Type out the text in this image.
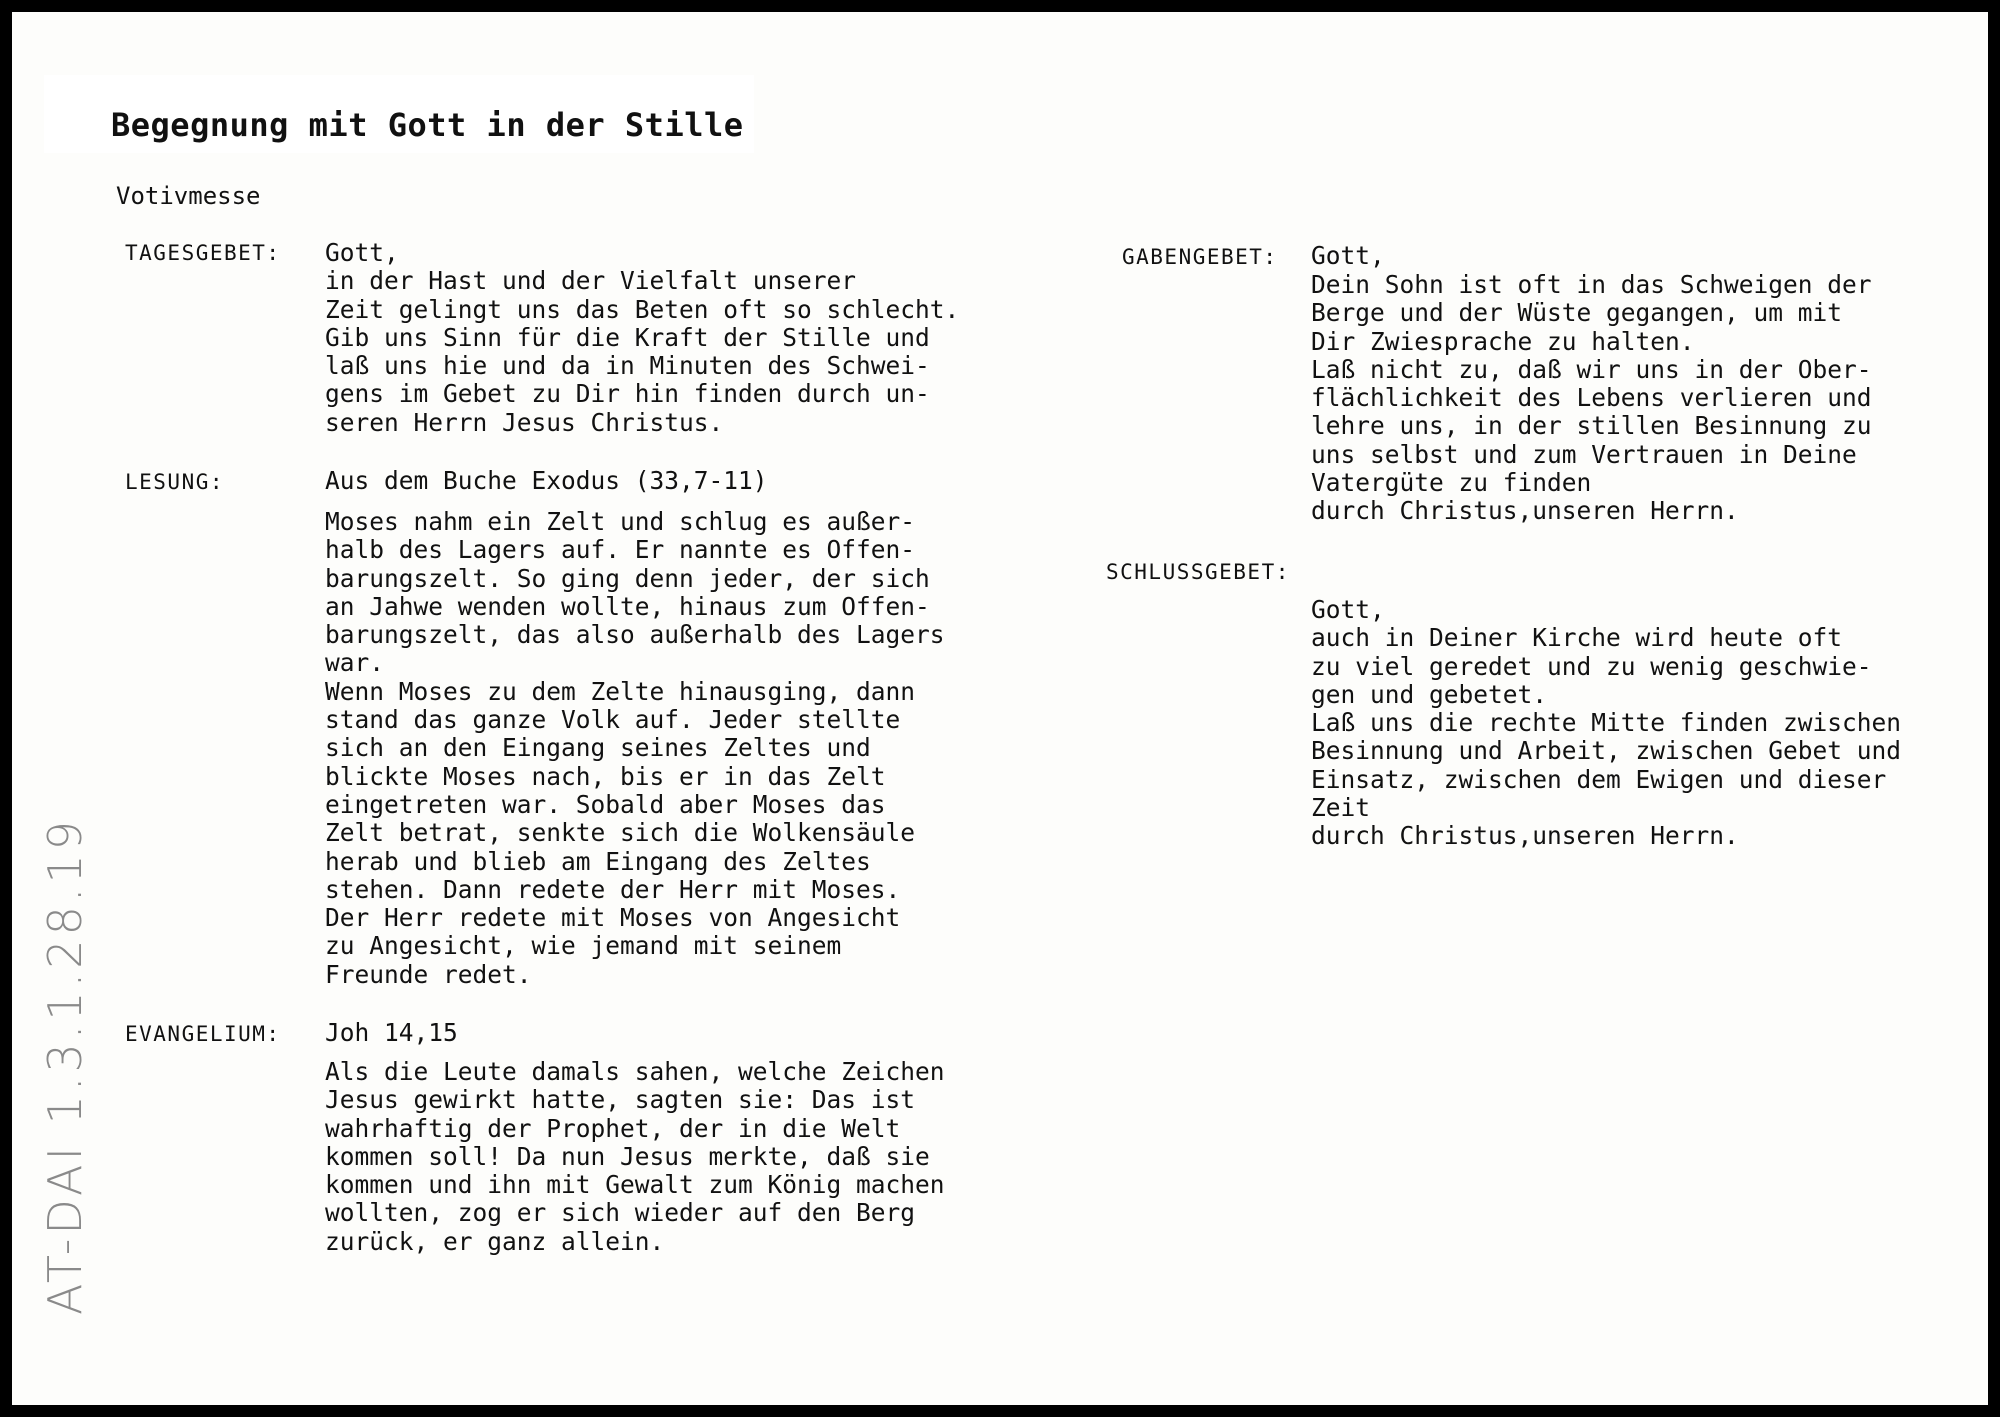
Begegnung mit Gott in der Stille
Votivmesse
TAGESGEBET: Gott,
in der Hast und der Vielfalt unserer
Zeit gelingt uns das Beten oft so schlecht.
Gib uns Sinn für die Kraft der Stille und
laß uns hie und da in Minuten des Schwei-
gens im Gebet zu Dir hin finden durch un-
seren Herrn Jesus Christus.
LESUNG:	Aus dem Buche Exodus (33,7-11)
Moses nahm ein Zelt und schlug es außer-
halb des Lagers auf. Er nannte es Offen-
barungszelt. So ging denn jeder, der sich
an Jahwe wenden wollte, hinaus zum Offen-
barungszelt, das also außerhalb des Lagers
war.
Wenn Moses zu dem Zelte hinausging, dann
stand das ganze Volk auf. Jeder stellte
sich an den Eingang seines Zeltes und
blickte Moses nach, bis er in das Zelt
eingetreten war. Sobald aber Moses das
Zelt betrat, senkte sich die Wolkensäule
herab und blieb am Eingang des Zeltes
stehen. Dann redete der Herr mit Moses.
Der Herr redete mit Moses von Angesicht
zu Angesicht, wie jemand mit seinem
Freunde redet.
EVANGELIUM: Joh 14,15
Als die Leute damals sahen, welche Zeichen
Jesus gewirkt hatte, sagten sie: Das ist
wahrhaftig der Prophet, der in die Welt
kommen soll! Da nun Jesus merkte, daß sie
kommen und ihn mit Gewalt zum König machen
wollten, zog er sich wieder auf den Berg
zurück, er ganz allein.
GABENGEBET: Gott,
Dein Sohn ist oft in das Schweigen der
Berge und der Wüste gegangen, um mit
Dir Zwiesprache zu halten.
Laß nicht zu, daß wir uns in der Ober-
flächlichkeit des Lebens verlieren und
lehre uns, in der stillen Besinnung zu
uns selbst und zum Vertrauen in Deine
Vatergüte zu finden
durch Christus,unseren Herrn.
SCHLUSSGEBET:
Gott,
auch in Deiner Kirche wird heute oft
zu viel geredet und zu wenig geschwie-
gen und gebetet.
Laß uns die rechte Mitte finden zwischen
Besinnung und Arbeit, zwischen Gebet und
Einsatz, zwischen dem Ewigen und dieser
Zeit
durch Christus,unseren Herrn.
AT-DAI 1.3.1.28.19
